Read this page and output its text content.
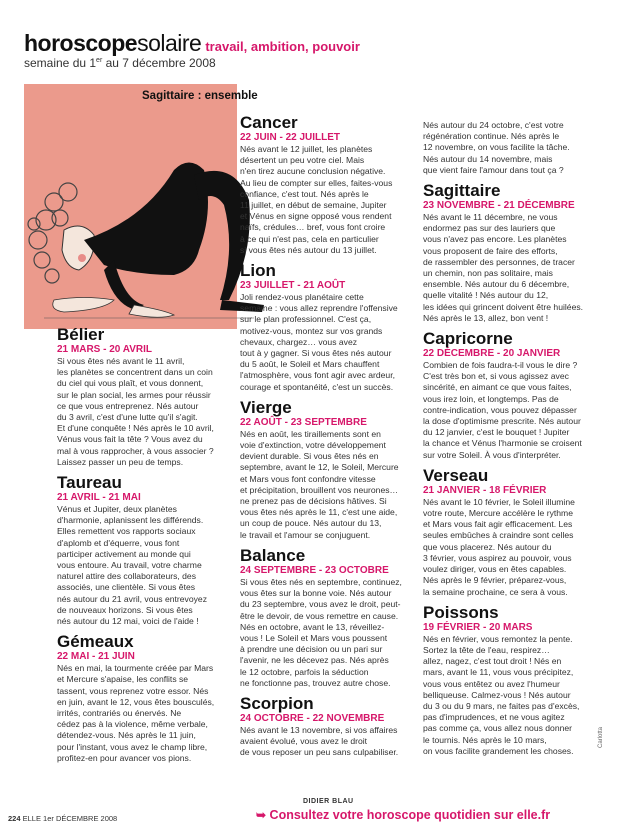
horoscopesolaire travail, ambition, pouvoir
semaine du 1er au 7 décembre 2008
Sagittaire : ensemble
Bélier
21 MARS - 20 AVRIL
Si vous êtes nés avant le 11 avril,
les planètes se concentrent dans un coin
du ciel qui vous plaît, et vous donnent,
sur le plan social, les armes pour réussir
ce que vous entreprenez. Nés autour
du 3 avril, c'est d'une lutte qu'il s'agit.
Et d'une conquête ! Nés après le 10 avril,
Vénus vous fait la tête ? Vous avez du
mal à vous rapprocher, à vous associer ?
Laissez passer un peu de temps.
Taureau
21 AVRIL - 21 MAI
Vénus et Jupiter, deux planètes
d'harmonie, aplanissent les différends.
Elles remettent vos rapports sociaux
d'aplomb et d'équerre, vous font
participer activement au monde qui
vous entoure. Au travail, votre charme
naturel attire des collaborateurs, des
associés, une clientèle. Si vous êtes
nés autour du 21 avril, vous entrevoyez
de nouveaux horizons. Si vous êtes
nés autour du 12 mai, voici de l'aide !
Gémeaux
22 MAI - 21 JUIN
Nés en mai, la tourmente créée par Mars
et Mercure s'apaise, les conflits se
tassent, vous reprenez votre essor. Nés
en juin, avant le 12, vous êtes bousculés,
irrités, contrariés ou énervés. Ne
cédez pas à la violence, même verbale,
détendez-vous. Nés après le 11 juin,
pour l'instant, vous avez le champ libre,
profitez-en pour avancer vos pions.
Cancer
22 JUIN - 22 JUILLET
Nés avant le 12 juillet, les planètes
désertent un peu votre ciel. Mais
n'en tirez aucune conclusion négative.
Au lieu de compter sur elles, faites-vous
confiance, c'est tout. Nés après le
11 juillet, en début de semaine, Jupiter
et Vénus en signe opposé vous rendent
naïfs, crédules… bref, vous font croire
à ce qui n'est pas, cela en particulier
si vous êtes nés autour du 13 juillet.
Lion
23 JUILLET - 21 AOÛT
Joli rendez-vous planétaire cette
semaine : vous allez reprendre l'offensive
sur le plan professionnel. C'est ça,
motivez-vous, montez sur vos grands
chevaux, chargez… vous avez
tout à y gagner. Si vous êtes nés autour
du 5 août, le Soleil et Mars chauffent
l'atmosphère, vous font agir avec ardeur,
courage et spontanéité, c'est un succès.
Vierge
22 AOÛT - 23 SEPTEMBRE
Nés en août, les tiraillements sont en
voie d'extinction, votre développement
devient durable. Si vous êtes nés en
septembre, avant le 12, le Soleil, Mercure
et Mars vous font confondre vitesse
et précipitation, brouillent vos neurones…
ne prenez pas de décisions hâtives. Si
vous êtes nés après le 11, c'est une aide,
un coup de pouce. Nés autour du 13,
le travail et l'amour se conjuguent.
Balance
24 SEPTEMBRE - 23 OCTOBRE
Si vous êtes nés en septembre, continuez,
vous êtes sur la bonne voie. Nés autour
du 23 septembre, vous avez le droit, peut-
être le devoir, de vous remettre en cause.
Nés en octobre, avant le 13, réveillez-
vous ! Le Soleil et Mars vous poussent
à prendre une décision ou un pari sur
l'avenir, ne les décevez pas. Nés après
le 12 octobre, parfois la séduction
ne fonctionne pas, trouvez autre chose.
Scorpion
24 OCTOBRE - 22 NOVEMBRE
Nés avant le 13 novembre, si vos affaires
avaient évolué, vous avez le droit
de vous reposer un peu sans culpabiliser.
Nés autour du 24 octobre, c'est votre
régénération continue. Nés après le
12 novembre, on vous facilite la tâche.
Nés autour du 14 novembre, mais
que vient faire l'amour dans tout ça ?
Sagittaire
23 NOVEMBRE - 21 DÉCEMBRE
Nés avant le 11 décembre, ne vous
endormez pas sur des lauriers que
vous n'avez pas encore. Les planètes
vous proposent de faire des efforts,
de rassembler des personnes, de tracer
un chemin, non pas solitaire, mais
ensemble. Nés autour du 6 décembre,
quelle vitalité ! Nés autour du 12,
les idées qui grincent doivent être huilées.
Nés après le 13, allez, bon vent !
Capricorne
22 DÉCEMBRE - 20 JANVIER
Combien de fois faudra-t-il vous le dire ?
C'est très bon et, si vous agissez avec
sincérité, en aimant ce que vous faites,
vous irez loin, et longtemps. Pas de
contre-indication, vous pouvez dépasser
la dose d'optimisme prescrite. Nés autour
du 12 janvier, c'est le bouquet ! Jupiter
la chance et Vénus l'harmonie se croisent
sur votre Soleil. À vous d'interpréter.
Verseau
21 JANVIER - 18 FÉVRIER
Nés avant le 10 février, le Soleil illumine
votre route, Mercure accélère le rythme
et Mars vous fait agir efficacement. Les
seules embûches à craindre sont celles
que vous placerez. Nés autour du
3 février, vous aspirez au pouvoir, vous
voulez diriger, vous en êtes capables.
Nés après le 9 février, préparez-vous,
la semaine prochaine, ce sera à vous.
Poissons
19 FÉVRIER - 20 MARS
Nés en février, vous remontez la pente.
Sortez la tête de l'eau, respirez…
allez, nagez, c'est tout droit ! Nés en
mars, avant le 11, vous vous précipitez,
vous vous entêtez ou avez l'humeur
belliqueuse. Calmez-vous ! Nés autour
du 3 ou du 9 mars, ne faites pas d'excès,
pas d'imprudences, et ne vous agitez
pas comme ça, vous allez nous donner
le tournis. Nés après le 10 mars,
on vous facilite grandement les choses.
DIDIER BLAU
➥ Consultez votre horoscope quotidien sur elle.fr
224 ELLE 1er DÉCEMBRE 2008
Carlotta
